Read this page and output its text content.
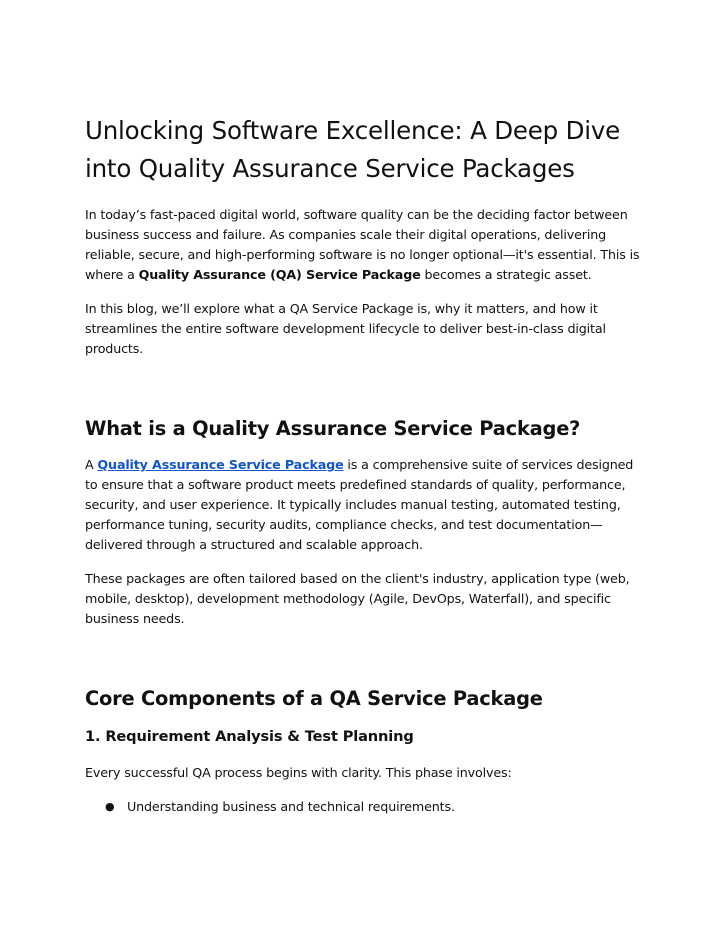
Unlocking Software Excellence: A Deep Dive into Quality Assurance Service Packages

In today’s fast-paced digital world, software quality can be the deciding factor between business success and failure. As companies scale their digital operations, delivering reliable, secure, and high-performing software is no longer optional—it's essential. This is where a Quality Assurance (QA) Service Package becomes a strategic asset.

In this blog, we’ll explore what a QA Service Package is, why it matters, and how it streamlines the entire software development lifecycle to deliver best-in-class digital products.

What is a Quality Assurance Service Package?

A Quality Assurance Service Package is a comprehensive suite of services designed to ensure that a software product meets predefined standards of quality, performance, security, and user experience. It typically includes manual testing, automated testing, performance tuning, security audits, compliance checks, and test documentation—delivered through a structured and scalable approach.

These packages are often tailored based on the client's industry, application type (web, mobile, desktop), development methodology (Agile, DevOps, Waterfall), and specific business needs.

Core Components of a QA Service Package
1. Requirement Analysis & Test Planning

Every successful QA process begins with clarity. This phase involves:

● Understanding business and technical requirements.
